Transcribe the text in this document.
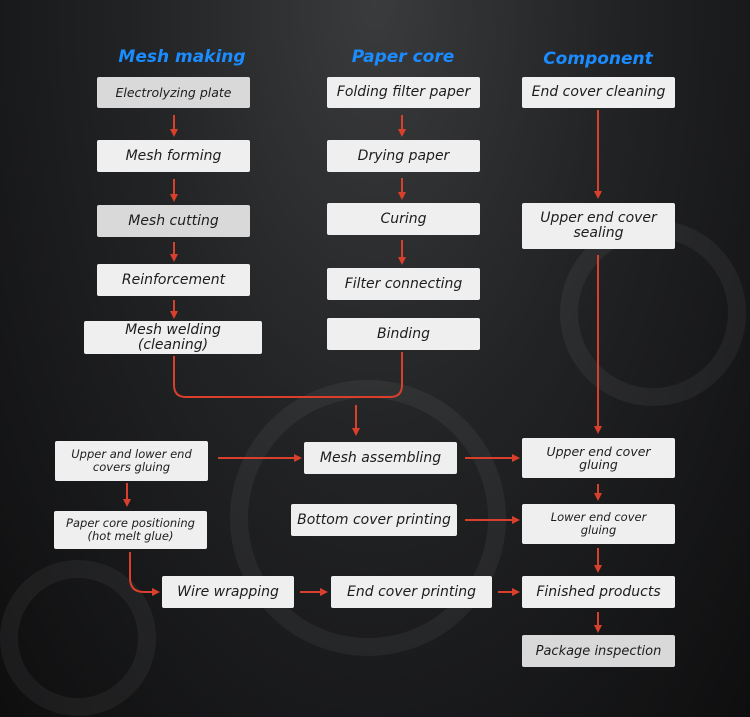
Mesh making	Paper core	Component
Electrolyzing plate
Mesh forming
Mesh cutting
Reinforcement
Mesh welding (cleaning)
Folding filter paper
Drying paper
Curing
Filter connecting
Binding
End cover cleaning
Upper end cover sealing
Upper end cover gluing
Lower end cover gluing
Finished products
Package inspection
Upper and lower end covers gluing
Paper core positioning (hot melt glue)
Wire wrapping
Mesh assembling
Bottom cover printing
End cover printing
